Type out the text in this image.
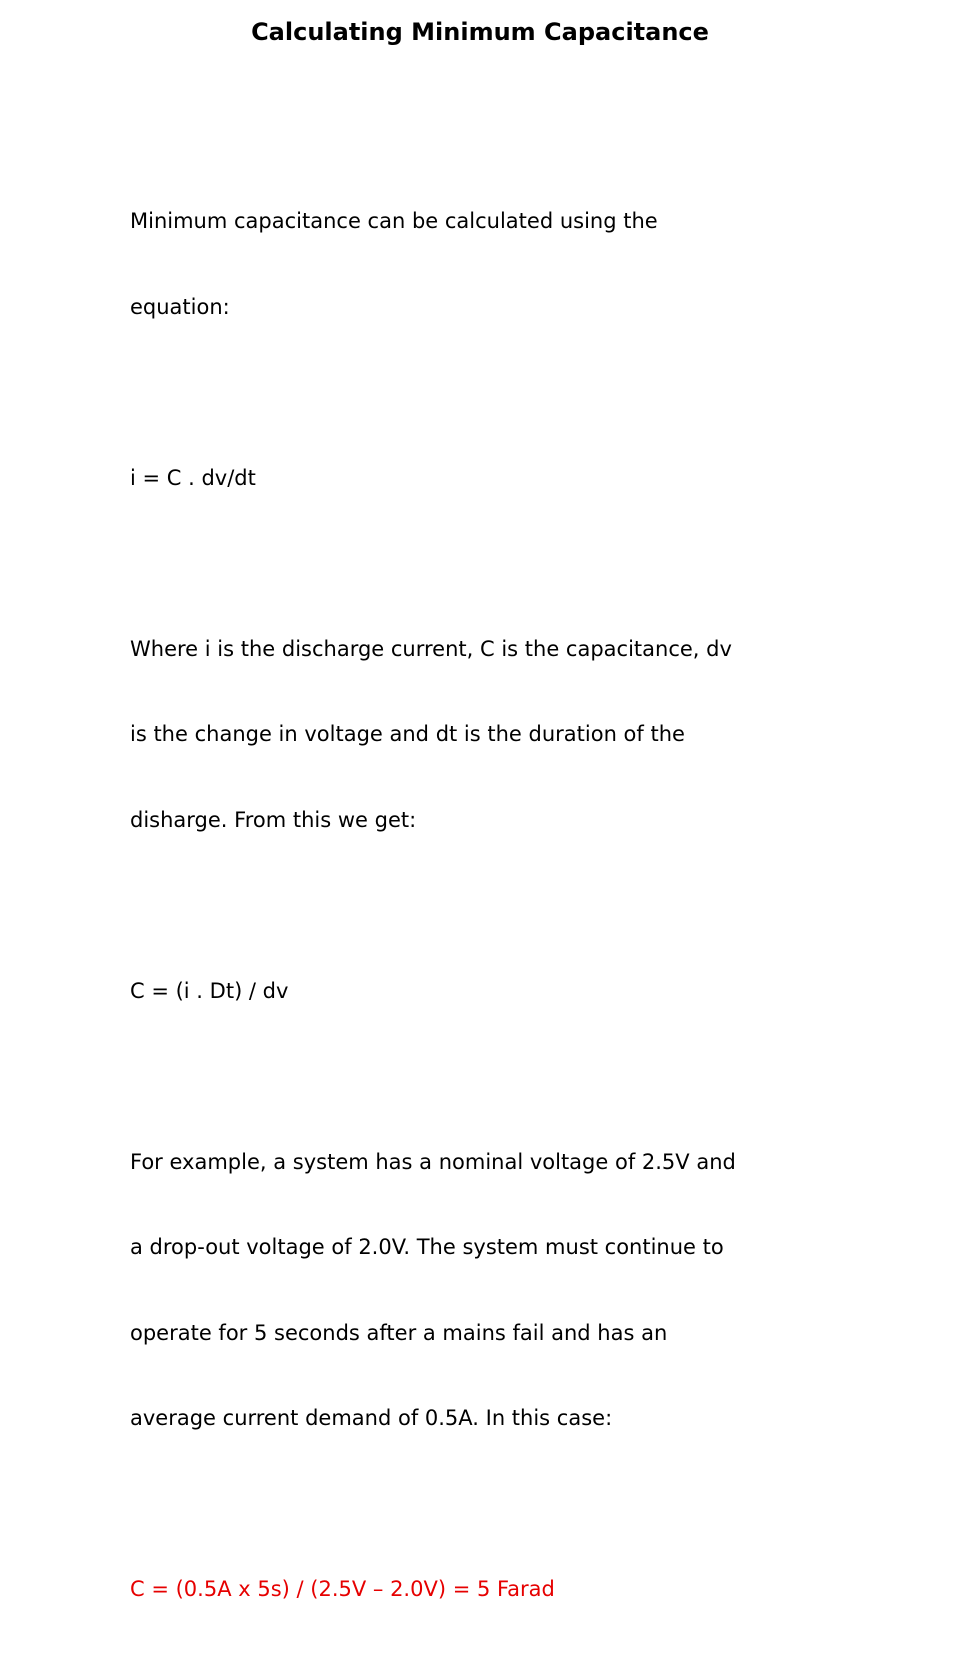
Calculating Minimum Capacitance

Minimum capacitance can be calculated using the

equation:

i = C . dv/dt

Where i is the discharge current, C is the capacitance, dv

is the change in voltage and dt is the duration of the

disharge. From this we get:

C = (i . Dt) / dv

For example, a system has a nominal voltage of 2.5V and

a drop-out voltage of 2.0V. The system must continue to

operate for 5 seconds after a mains fail and has an

average current demand of 0.5A. In this case:

C = (0.5A x 5s) / (2.5V – 2.0V) = 5 Farad
